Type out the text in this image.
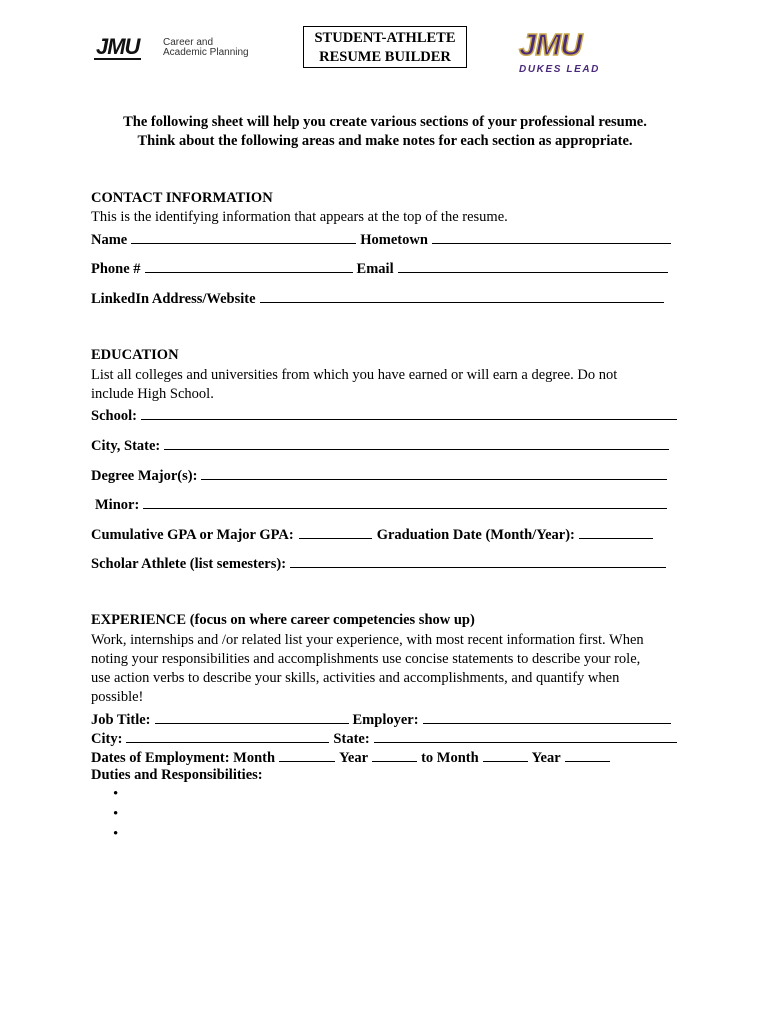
JMU Career and
Academic Planning
STUDENT-ATHLETE
RESUME BUILDER	JMU
DUKES LEAD
The following sheet will help you create various sections of your professional resume.
Think about the following areas and make notes for each section as appropriate.
CONTACT INFORMATION
This is the identifying information that appears at the top of the resume.
Name	Hometown
Phone #	Email
LinkedIn Address/Website
EDUCATION
List all colleges and universities from which you have earned or will earn a degree. Do not
include High School.
School:
City, State:
Degree Major(s):
Minor:
Cumulative GPA or Major GPA:	Graduation Date (Month/Year):
Scholar Athlete (list semesters):
EXPERIENCE (focus on where career competencies show up)
Work, internships and /or related list your experience, with most recent information first. When
noting your responsibilities and accomplishments use concise statements to describe your role,
use action verbs to describe your skills, activities and accomplishments, and quantify when
possible!
Job Title:	Employer:
City:	State:
Dates of Employment: Month	Year	to Month	Year
Duties and Responsibilities:
•
•
•
